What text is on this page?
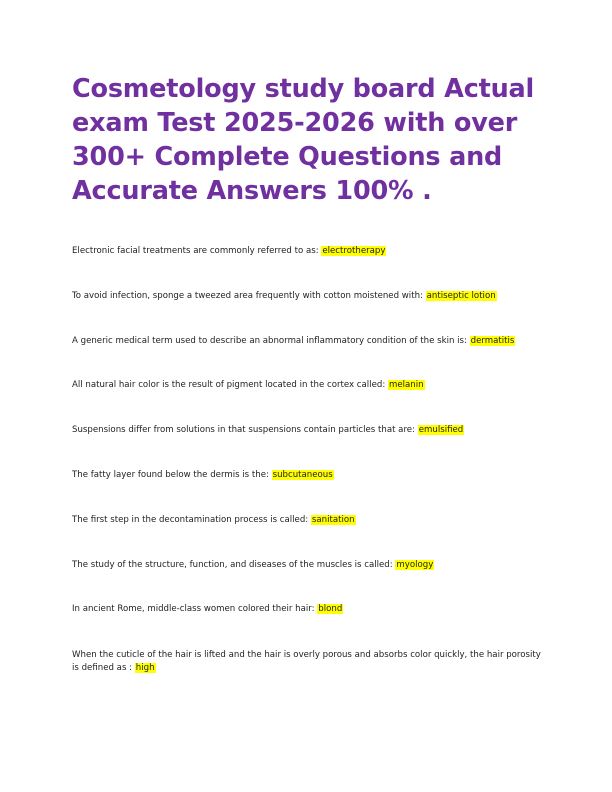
Cosmetology study board Actual exam Test 2025-2026 with over 300+ Complete Questions and Accurate Answers 100% .

Electronic facial treatments are commonly referred to as: electrotherapy

To avoid infection, sponge a tweezed area frequently with cotton moistened with: antiseptic lotion

A generic medical term used to describe an abnormal inflammatory condition of the skin is: dermatitis

All natural hair color is the result of pigment located in the cortex called: melanin

Suspensions differ from solutions in that suspensions contain particles that are: emulsified

The fatty layer found below the dermis is the: subcutaneous

The first step in the decontamination process is called: sanitation

The study of the structure, function, and diseases of the muscles is called: myology

In ancient Rome, middle-class women colored their hair: blond

When the cuticle of the hair is lifted and the hair is overly porous and absorbs color quickly, the hair porosity is defined as : high
